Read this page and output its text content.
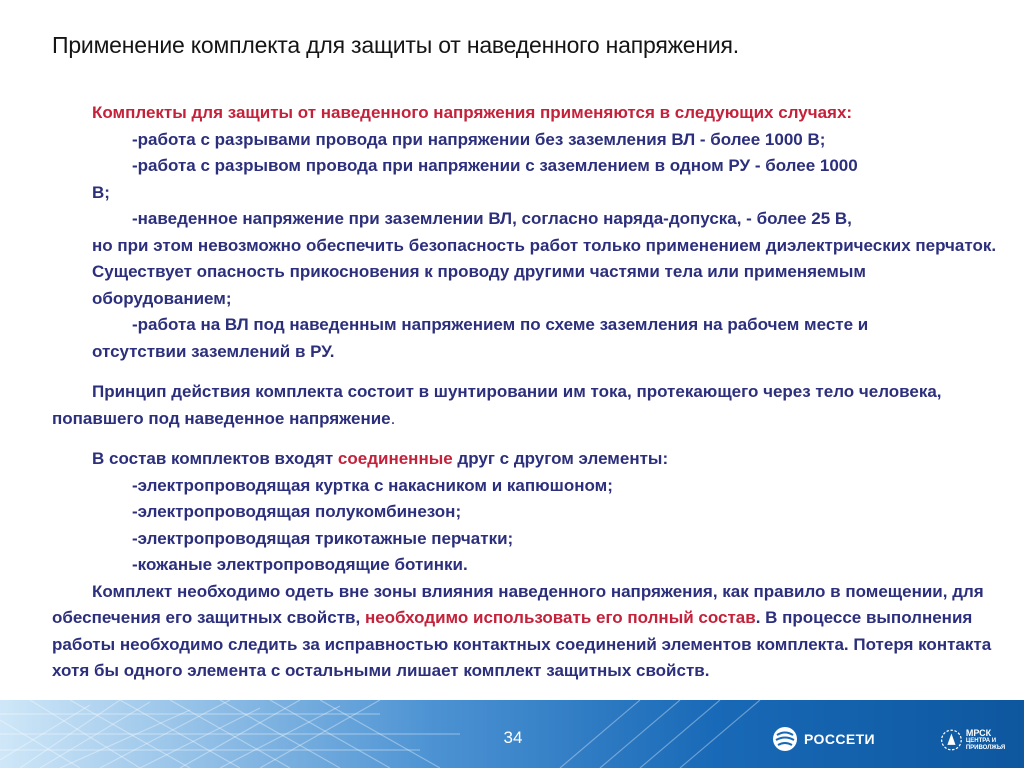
Применение комплекта для защиты от наведенного напряжения.

Комплекты для защиты от наведенного напряжения применяются в следующих случаях:

-работа с разрывами провода при напряжении без заземления ВЛ - более 1000 В;

-работа с разрывом провода при напряжении с заземлением в одном РУ - более 1000

В;

-наведенное напряжение при заземлении ВЛ, согласно наряда-допуска, - более 25 В,

но при этом невозможно обеспечить безопасность работ только применением диэлектрических перчаток. Существует опасность прикосновения к проводу другими частями тела или применяемым оборудованием;

-работа на ВЛ под наведенным напряжением по схеме заземления на рабочем месте и

отсутствии заземлений в РУ.

Принцип действия комплекта состоит в шунтировании им тока, протекающего через тело человека, попавшего под наведенное напряжение.

В состав комплектов входят соединенные друг с другом элементы:

-электропроводящая куртка с накасником и капюшоном;

-электропроводящая полукомбинезон;

-электропроводящая трикотажные перчатки;

-кожаные электропроводящие ботинки.

Комплект необходимо одеть вне зоны влияния наведенного напряжения, как правило в помещении, для обеспечения его защитных свойств, необходимо использовать его полный состав. В процессе выполнения работы необходимо следить за исправностью контактных соединений элементов комплекта. Потеря контакта хотя бы одного элемента с остальными лишает комплект защитных свойств.

34	РОССЕТИ	МРСК
ЦЕНТРА И ПРИВОЛЖЬЯ
